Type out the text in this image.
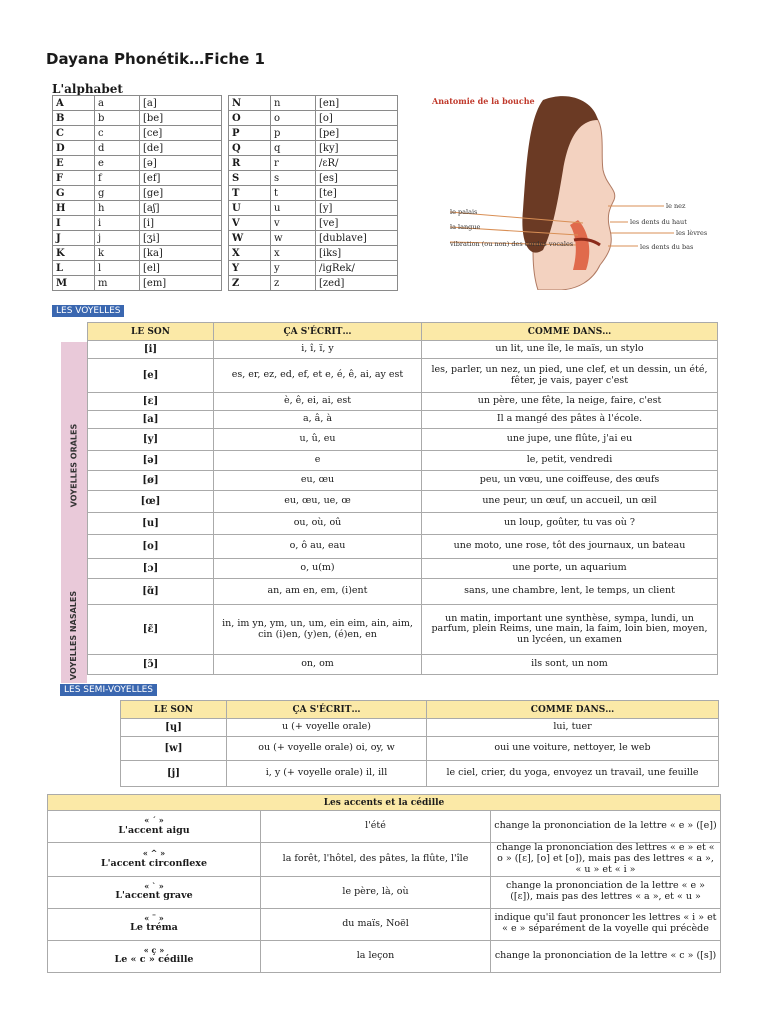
Dayana Phonétik…Fiche 1
L'alphabet
A	a	[a]		N	n	[en]
B	b	[be]		O	o	[o]
C	c	[ce]		P	p	[pe]
D	d	[de]		Q	q	[ky]
E	e	[ə]		R	r	/ɛR/
F	f	[ef]		S	s	[es]
G	g	[ge]		T	t	[te]
H	h	[aʃ]		U	u	[y]
I	i	[i]		V	v	[ve]
J	j	[ʒi]		W	w	[dublave]
K	k	[ka]		X	x	[iks]
L	l	[el]		Y	y	/igRek/
M	m	[em]		Z	z	[zed]
Anatomie de la bouche
le palais
la langue
vibration (ou non) des cordes vocales
le nez
les dents du haut
les lèvres
les dents du bas
LES VOYELLES
LE SON	ÇA S'ÉCRIT…	COMME DANS…
[i]	i, î, ï, y	un lit, une île, le maïs, un stylo
[e]	es, er, ez, ed, ef, et e, é, ê, ai, ay est	les, parler, un nez, un pied, une clef, et un dessin, un été, fêter, je vais, payer c'est
[ɛ]	è, ê, ei, ai, est	un père, une fête, la neige, faire, c'est
[a]	a, â, à	Il a mangé des pâtes à l'école.
[y]	u, û, eu	une jupe, une flûte, j'ai eu
[ə]	e	le, petit, vendredi
[ø]	eu, œu	peu, un vœu, une coiffeuse, des œufs
[œ]	eu, œu, ue, œ	une peur, un œuf, un accueil, un œil
[u]	ou, où, oû	un loup, goûter, tu vas où ?
[o]	o, ô au, eau	une moto, une rose, tôt des journaux, un bateau
[ɔ]	o, u(m)	une porte, un aquarium
[ɑ̃]	an, am en, em, (i)ent	sans, une chambre, lent, le temps, un client
[ɛ̃]	in, im yn, ym, un, um, ein eim, ain, aim, cin (i)en, (y)en, (é)en, en	un matin, important une synthèse, sympa, lundi, un parfum, plein Reims, une main, la faim, loin bien, moyen, un lycéen, un examen
[ɔ̃]	on, om	ils sont, un nom
VOYELLES ORALES
VOYELLES NASALES
LES SEMI-VOYELLES
LE SON	ÇA S'ÉCRIT…	COMME DANS…
[ɥ]	u (+ voyelle orale)	lui, tuer
[w]	ou (+ voyelle orale) oi, oy, w	oui une voiture, nettoyer, le web
[j]	i, y (+ voyelle orale) il, ill	le ciel, crier, du yoga, envoyez un travail, une feuille
Les accents et la cédille		

« ´ »
L'accent aigu	l'été	change la prononciation de la lettre « e » ([e])

« ^ »
L'accent circonflexe	la forêt, l'hôtel, des pâtes, la flûte, l'île	change la prononciation des lettres « e » et « o » ([ɛ], [o] et [o]), mais pas des lettres « a », « u » et « i »

« ` »
L'accent grave	le père, là, où	change la prononciation de la lettre « e » ([ɛ]), mais pas des lettres « a », et « u »

« ¨ »
Le tréma	du maïs, Noël	indique qu'il faut prononcer les lettres « i » et « e » séparément de la voyelle qui précède

« ç »
Le « c » cédille	la leçon	change la prononciation de la lettre « c » ([s])
